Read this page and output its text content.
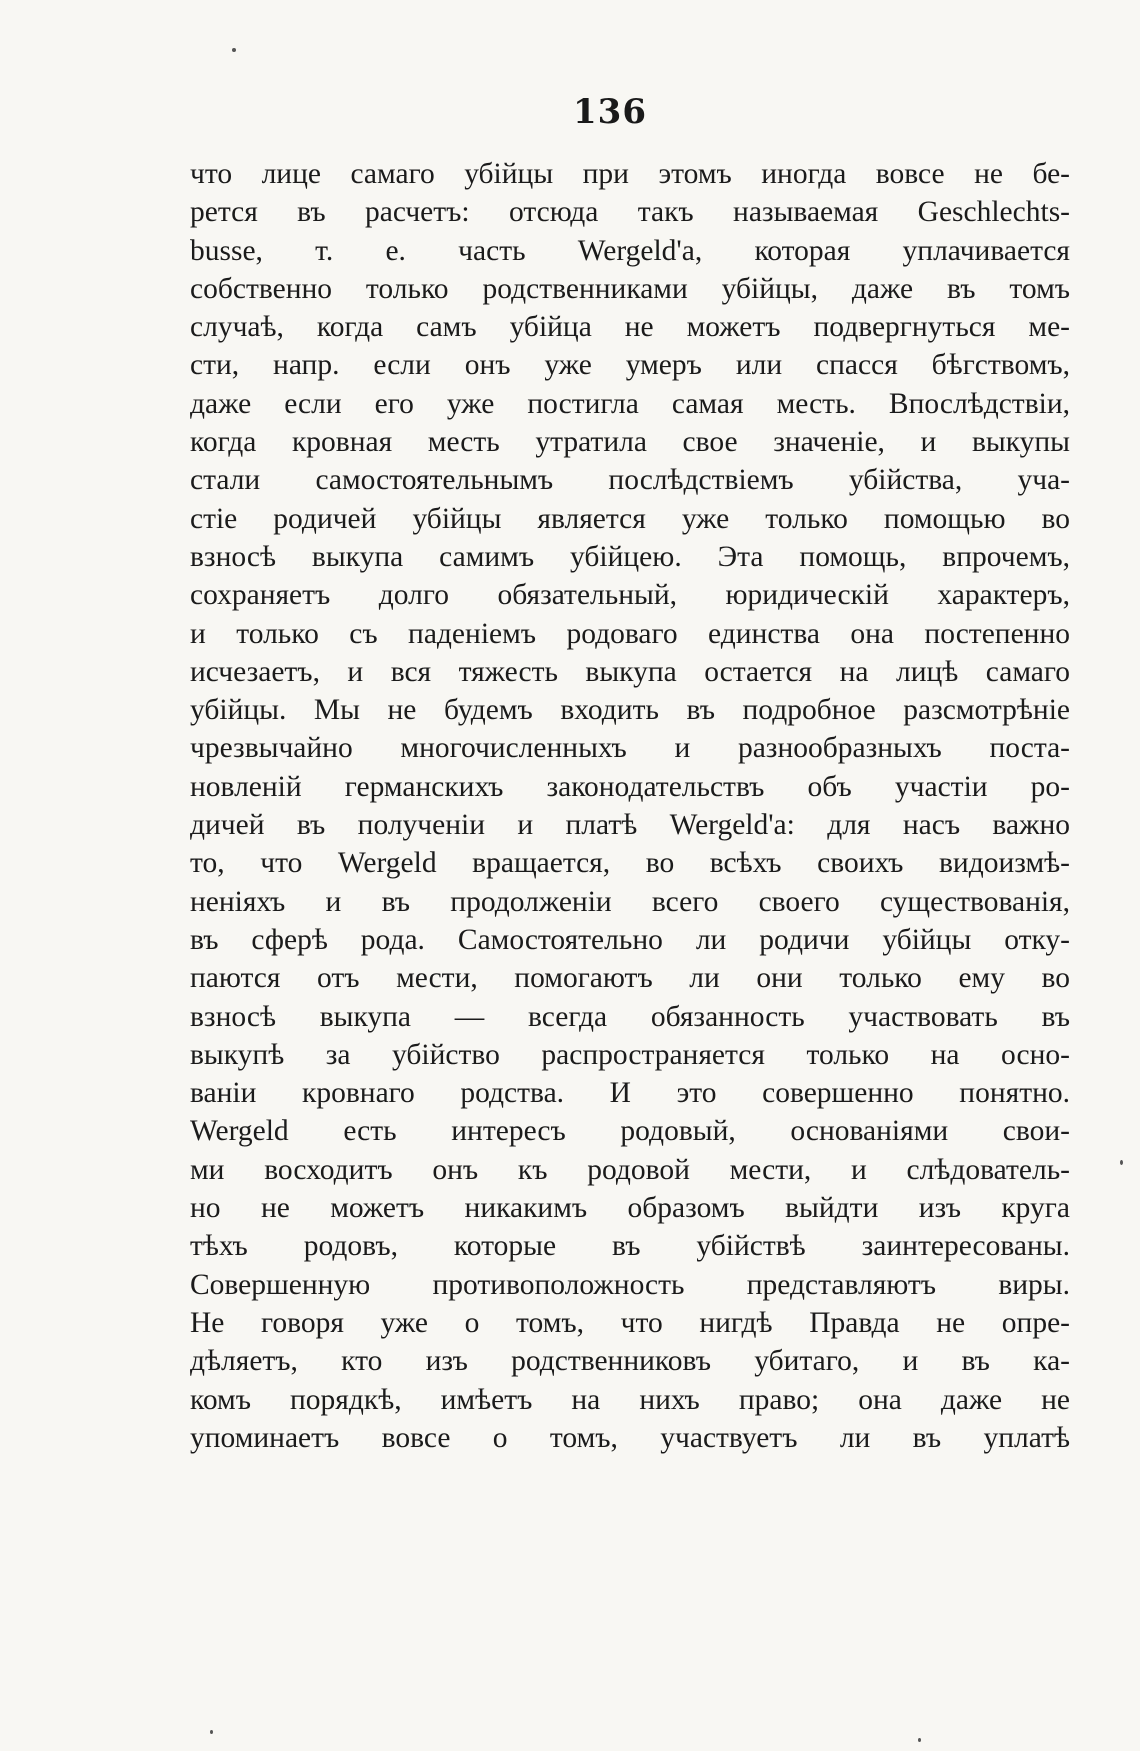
136
что лице самаго убійцы при этомъ иногда вовсе не бе-
рется въ расчетъ: отсюда такъ называемая Geschlechts-
busse, т. е. часть Wergeld'a, которая уплачивается
собственно только родственниками убійцы, даже въ томъ
случаѣ, когда самъ убійца не можетъ подвергнуться ме-
сти, напр. если онъ уже умеръ или спасся бѣгствомъ,
даже если его уже постигла самая месть. Впослѣдствіи,
когда кровная месть утратила свое значеніе, и выкупы
стали самостоятельнымъ послѣдствіемъ убійства, уча-
стіе родичей убійцы является уже только помощью во
взносѣ выкупа самимъ убійцею. Эта помощь, впрочемъ,
сохраняетъ долго обязательный, юридическій характеръ,
и только съ паденіемъ родоваго единства она постепенно
исчезаетъ, и вся тяжесть выкупа остается на лицѣ самаго
убійцы. Мы не будемъ входить въ подробное разсмотрѣніе
чрезвычайно многочисленныхъ и разнообразныхъ поста-
новленій германскихъ законодательствъ объ участіи ро-
дичей въ полученіи и платѣ Wergeld'a: для насъ важно
то, что Wergeld вращается, во всѣхъ своихъ видоизмѣ-
неніяхъ и въ продолженіи всего своего существованія,
въ сферѣ рода. Самостоятельно ли родичи убійцы отку-
паются отъ мести, помогаютъ ли они только ему во
взносѣ выкупа — всегда обязанность участвовать въ
выкупѣ за убійство распространяется только на осно-
ваніи кровнаго родства. И это совершенно понятно.
Wergeld есть интересъ родовый, основаніями свои-
ми восходитъ онъ къ родовой мести, и слѣдователь-
но не можетъ никакимъ образомъ выйдти изъ круга
тѣхъ родовъ, которые въ убійствѣ заинтересованы.
Совершенную противоположность представляютъ виры.
Не говоря уже о томъ, что нигдѣ Правда не опре-
дѣляетъ, кто изъ родственниковъ убитаго, и въ ка-
комъ порядкѣ, имѣетъ на нихъ право; она даже не
упоминаетъ вовсе о томъ, участвуетъ ли въ уплатѣ
